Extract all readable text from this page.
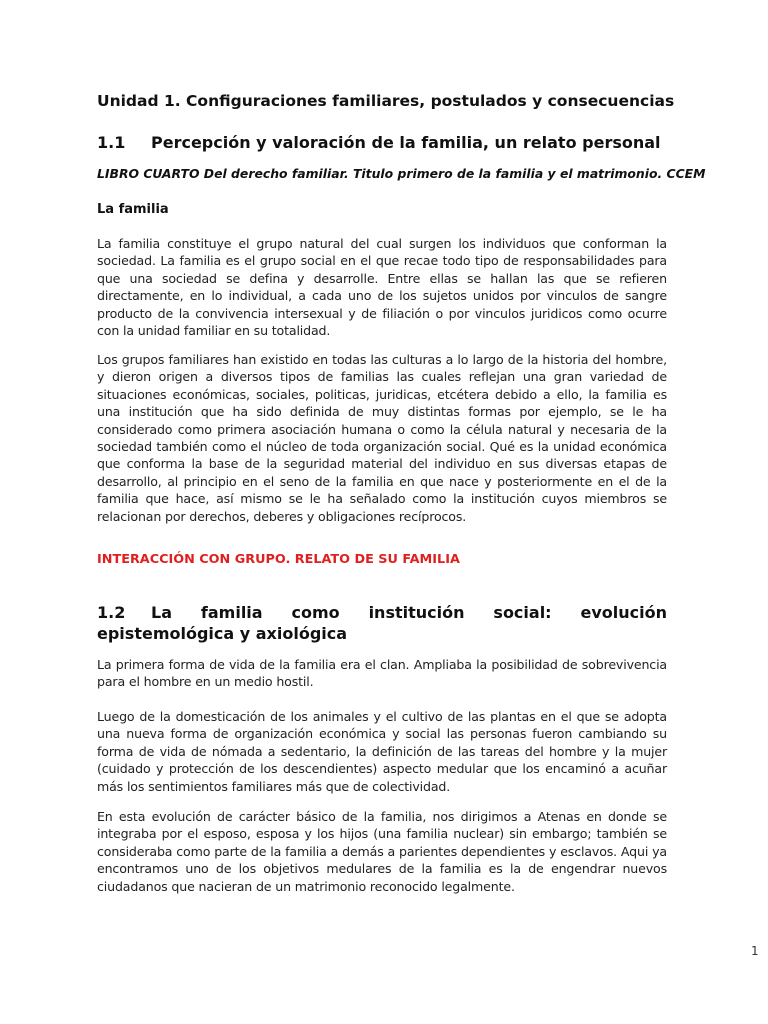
Unidad 1. Configuraciones familiares, postulados y consecuencias
1.1 Percepción y valoración de la familia, un relato personal

LIBRO CUARTO Del derecho familiar. Titulo primero de la familia y el matrimonio. CCEM

La familia

La familia constituye el grupo natural del cual surgen los individuos que conforman la sociedad. La familia es el grupo social en el que recae todo tipo de responsabilidades para que una sociedad se defina y desarrolle. Entre ellas se hallan las que se refieren directamente, en lo individual, a cada uno de los sujetos unidos por vinculos de sangre producto de la convivencia intersexual y de filiación o por vinculos juridicos como ocurre con la unidad familiar en su totalidad.

Los grupos familiares han existido en todas las culturas a lo largo de la historia del hombre, y dieron origen a diversos tipos de familias las cuales reflejan una gran variedad de situaciones económicas, sociales, politicas, juridicas, etcétera debido a ello, la familia es una institución que ha sido definida de muy distintas formas por ejemplo, se le ha considerado como primera asociación humana o como la célula natural y necesaria de la sociedad también como el núcleo de toda organización social. Qué es la unidad económica que conforma la base de la seguridad material del individuo en sus diversas etapas de desarrollo, al principio en el seno de la familia en que nace y posteriormente en el de la familia que hace, así mismo se le ha señalado como la institución cuyos miembros se relacionan por derechos, deberes y obligaciones recíprocos.

INTERACCIÓN CON GRUPO. RELATO DE SU FAMILIA

1.2 La familia como institución social: evolución epistemológica y axiológica

La primera forma de vida de la familia era el clan. Ampliaba la posibilidad de sobrevivencia para el hombre en un medio hostil.

Luego de la domesticación de los animales y el cultivo de las plantas en el que se adopta una nueva forma de organización económica y social las personas fueron cambiando su forma de vida de nómada a sedentario, la definición de las tareas del hombre y la mujer (cuidado y protección de los descendientes) aspecto medular que los encaminó a acuñar más los sentimientos familiares más que de colectividad.

En esta evolución de carácter básico de la familia, nos dirigimos a Atenas en donde se integraba por el esposo, esposa y los hijos (una familia nuclear) sin embargo; también se consideraba como parte de la familia a demás a parientes dependientes y esclavos. Aqui ya encontramos uno de los objetivos medulares de la familia es la de engendrar nuevos ciudadanos que nacieran de un matrimonio reconocido legalmente.

1
